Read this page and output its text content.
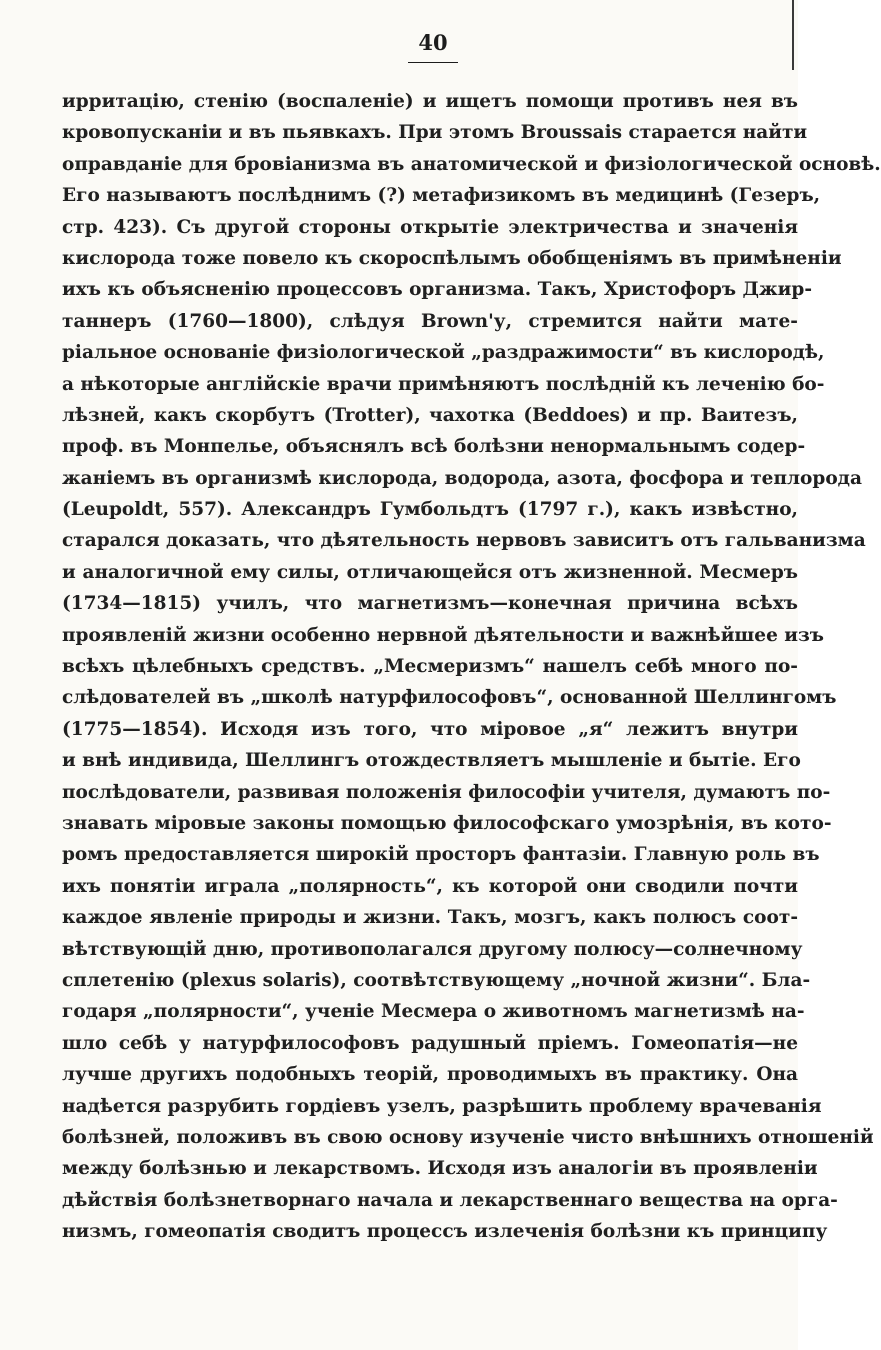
40
ирритацію, стенію (воспаленіе) и ищетъ помощи противъ нея въ
кровопусканіи и въ пьявкахъ. При этомъ Broussais старается найти
оправданіе для бровіанизма въ анатомической и физіологической основѣ.
Его называютъ послѣднимъ (?) метафизикомъ въ медицинѣ (Гезеръ,
стр. 423). Съ другой стороны открытіе электричества и значенія
кислорода тоже повело къ скороспѣлымъ обобщеніямъ въ примѣненіи
ихъ къ объясненію процессовъ организма. Такъ, Христофоръ Джир-
таннеръ (1760—1800), слѣдуя Brown'у, стремится найти мате-
ріальное основаніе физіологической „раздражимости“ въ кислородѣ,
а нѣкоторые англійскіе врачи примѣняютъ послѣдній къ леченію бо-
лѣзней, какъ скорбутъ (Trotter), чахотка (Beddoes) и пр. Ваитезъ,
проф. въ Монпелье, объяснялъ всѣ болѣзни ненормальнымъ содер-
жаніемъ въ организмѣ кислорода, водорода, азота, фосфора и теплорода
(Leupoldt, 557). Александръ Гумбольдтъ (1797 г.), какъ извѣстно,
старался доказать, что дѣятельность нервовъ зависитъ отъ гальванизма
и аналогичной ему силы, отличающейся отъ жизненной. Месмеръ
(1734—1815) училъ, что магнетизмъ—конечная причина всѣхъ
проявленій жизни особенно нервной дѣятельности и важнѣйшее изъ
всѣхъ цѣлебныхъ средствъ. „Месмеризмъ“ нашелъ себѣ много по-
слѣдователей въ „школѣ натурфилософовъ“, основанной Шеллингомъ
(1775—1854). Исходя изъ того, что міровое „я“ лежитъ внутри
и внѣ индивида, Шеллингъ отождествляетъ мышленіе и бытіе. Его
послѣдователи, развивая положенія философіи учителя, думаютъ по-
знавать міровые законы помощью философскаго умозрѣнія, въ кото-
ромъ предоставляется широкій просторъ фантазіи. Главную роль въ
ихъ понятіи играла „полярность“, къ которой они сводили почти
каждое явленіе природы и жизни. Такъ, мозгъ, какъ полюсъ соот-
вѣтствующій дню, противополагался другому полюсу—солнечному
сплетенію (plexus solaris), соотвѣтствующему „ночной жизни“. Бла-
годаря „полярности“, ученіе Месмера о животномъ магнетизмѣ на-
шло себѣ у натурфилософовъ радушный пріемъ. Гомеопатія—не
лучше другихъ подобныхъ теорій, проводимыхъ въ практику. Она
надѣется разрубить гордіевъ узелъ, разрѣшить проблему врачеванія
болѣзней, положивъ въ свою основу изученіе чисто внѣшнихъ отношеній
между болѣзнью и лекарствомъ. Исходя изъ аналогіи въ проявленіи
дѣйствія болѣзнетворнаго начала и лекарственнаго вещества на орга-
низмъ, гомеопатія сводитъ процессъ излеченія болѣзни къ принципу
